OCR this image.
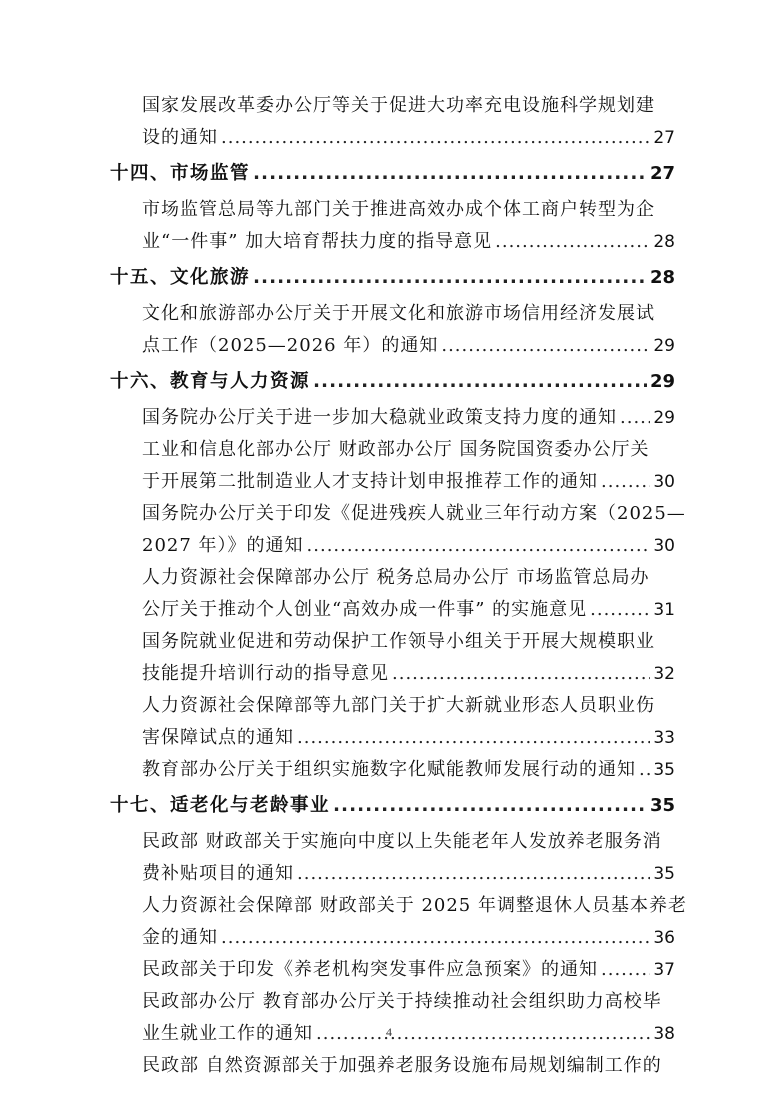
国家发展改革委办公厅等关于促进大功率充电设施科学规划建
设的通知 .....	27
十四、市场监管 .....	27
市场监管总局等九部门关于推进高效办成个体工商户转型为企
业“一件事” 加大培育帮扶力度的指导意见 .....	28
十五、文化旅游 .....	28
文化和旅游部办公厅关于开展文化和旅游市场信用经济发展试
点工作（2025—2026 年）的通知 .....	29
十六、教育与人力资源 .....	29
国务院办公厅关于进一步加大稳就业政策支持力度的通知 ..... 29
工业和信息化部办公厅 财政部办公厅 国务院国资委办公厅关
于开展第二批制造业人才支持计划申报推荐工作的通知 .....	30
国务院办公厅关于印发《促进残疾人就业三年行动方案（2025—
2027 年）》的通知 .....	30
人力资源社会保障部办公厅 税务总局办公厅 市场监管总局办
公厅关于推动个人创业“高效办成一件事” 的实施意见 .....	31
国务院就业促进和劳动保护工作领导小组关于开展大规模职业
技能提升培训行动的指导意见 .....	32
人力资源社会保障部等九部门关于扩大新就业形态人员职业伤
害保障试点的通知 .....	33
教育部办公厅关于组织实施数字化赋能教师发展行动的通知 ..... 35
十七、适老化与老龄事业 .....	35
民政部 财政部关于实施向中度以上失能老年人发放养老服务消
费补贴项目的通知 .....	35
人力资源社会保障部 财政部关于 2025 年调整退休人员基本养老
金的通知 .....	36
民政部关于印发《养老机构突发事件应急预案》的通知 .....	37
民政部办公厅 教育部办公厅关于持续推动社会组织助力高校毕
业生就业工作的通知 .....	38
民政部 自然资源部关于加强养老服务设施布局规划编制工作的
4
